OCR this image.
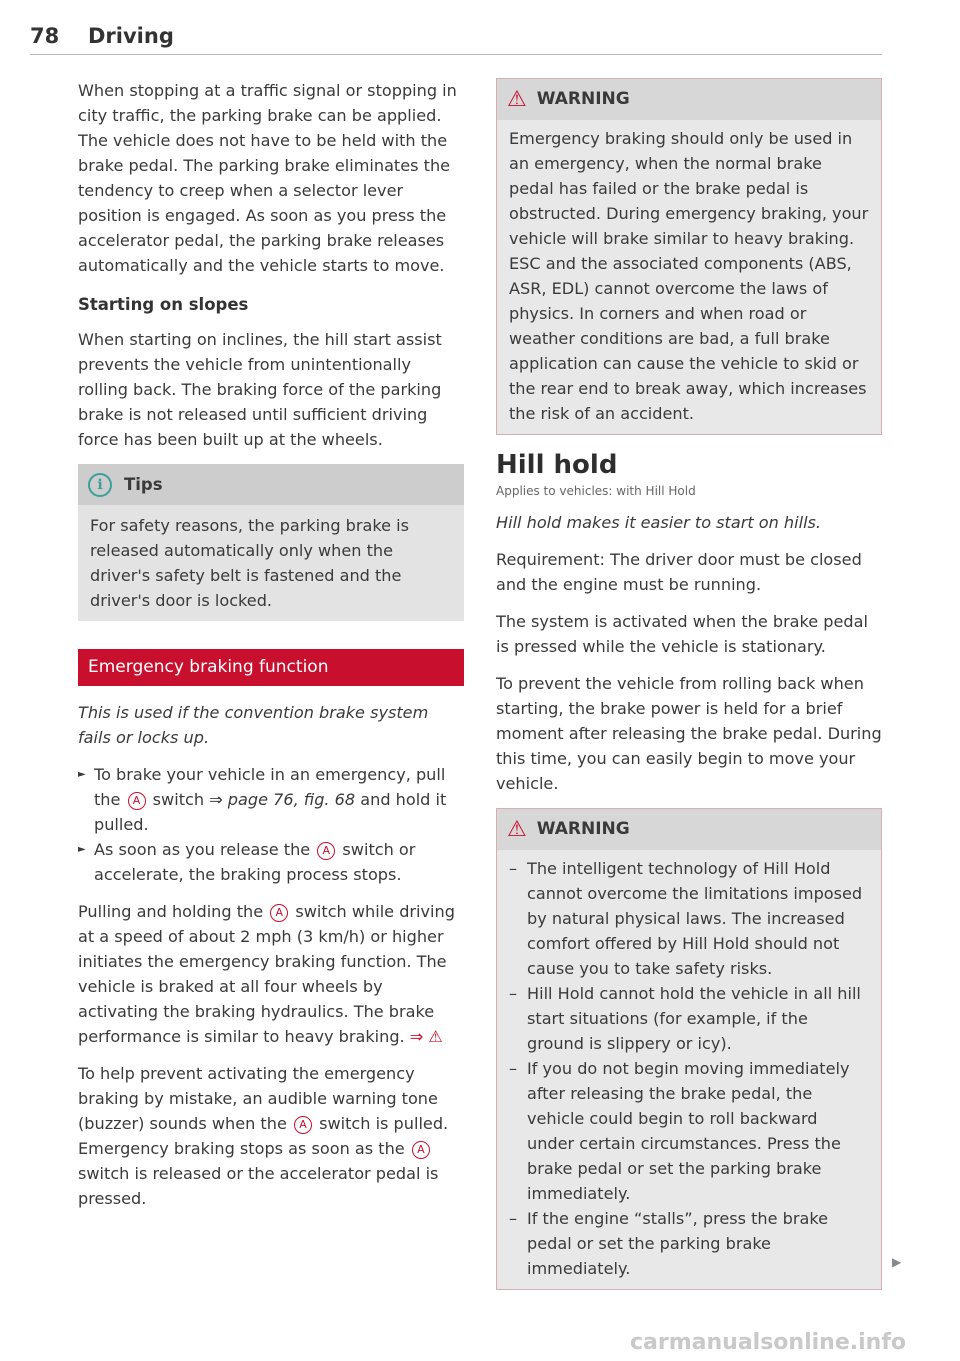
78 Driving

When stopping at a traffic signal or stopping in city traffic, the parking brake can be applied. The vehicle does not have to be held with the brake pedal. The parking brake eliminates the tendency to creep when a selector lever position is engaged. As soon as you press the accelerator pedal, the parking brake releases automatically and the vehicle starts to move.

Starting on slopes

When starting on inclines, the hill start assist prevents the vehicle from unintentionally rolling back. The braking force of the parking brake is not released until sufficient driving force has been built up at the wheels.

i	Tips
For safety reasons, the parking brake is released automatically only when the driver's safety belt is fastened and the driver's door is locked.
Emergency braking function

This is used if the convention brake system fails or locks up.

► To brake your vehicle in an emergency, pull the A switch ⇒ page 76, fig. 68 and hold it pulled.
► As soon as you release the A switch or accelerate, the braking process stops.

Pulling and holding the A switch while driving at a speed of about 2 mph (3 km/h) or higher initiates the emergency braking function. The vehicle is braked at all four wheels by activating the braking hydraulics. The brake performance is similar to heavy braking. ⇒ ⚠

To help prevent activating the emergency braking by mistake, an audible warning tone (buzzer) sounds when the A switch is pulled. Emergency braking stops as soon as the A switch is released or the accelerator pedal is pressed.

⚠ WARNING
Emergency braking should only be used in an emergency, when the normal brake pedal has failed or the brake pedal is obstructed. During emergency braking, your vehicle will brake similar to heavy braking. ESC and the associated components (ABS, ASR, EDL) cannot overcome the laws of physics. In corners and when road or weather conditions are bad, a full brake application can cause the vehicle to skid or the rear end to break away, which increases the risk of an accident.
Hill hold
Applies to vehicles: with Hill Hold

Hill hold makes it easier to start on hills.

Requirement: The driver door must be closed and the engine must be running.

The system is activated when the brake pedal is pressed while the vehicle is stationary.

To prevent the vehicle from rolling back when starting, the brake power is held for a brief moment after releasing the brake pedal. During this time, you can easily begin to move your vehicle.

⚠ WARNING
– The intelligent technology of Hill Hold cannot overcome the limitations imposed by natural physical laws. The increased comfort offered by Hill Hold should not cause you to take safety risks.
– Hill Hold cannot hold the vehicle in all hill start situations (for example, if the ground is slippery or icy).
– If you do not begin moving immediately after releasing the brake pedal, the vehicle could begin to roll backward under certain circumstances. Press the brake pedal or set the parking brake immediately.
– If the engine “stalls”, press the brake pedal or set the parking brake immediately.	▶
carmanualsonline.info
